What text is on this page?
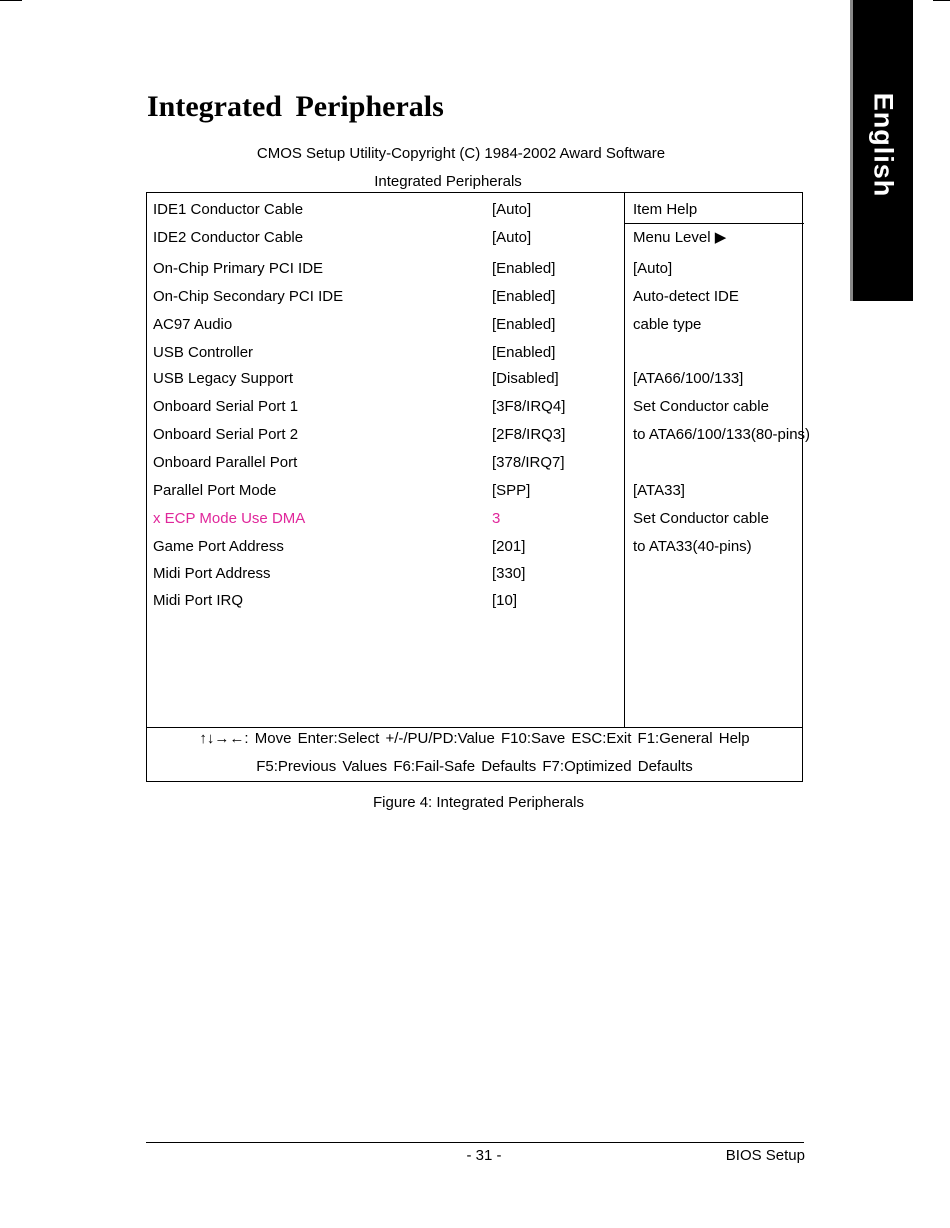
English
Integrated Peripherals
CMOS Setup Utility-Copyright (C) 1984-2002 Award Software
Integrated Peripherals
IDE1 Conductor Cable	[Auto]
IDE2 Conductor Cable	[Auto]
On-Chip Primary PCI IDE	[Enabled]
On-Chip Secondary PCI IDE	[Enabled]
AC97 Audio	[Enabled]
USB Controller	[Enabled]
USB Legacy Support	[Disabled]
Onboard Serial Port 1	[3F8/IRQ4]
Onboard Serial Port 2	[2F8/IRQ3]
Onboard Parallel Port	[378/IRQ7]
Parallel Port Mode	[SPP]
x ECP Mode Use DMA	3
Game Port Address	[201]
Midi Port Address	[330]
Midi Port IRQ	[10]
Item Help
Menu Level ▶
[Auto]
Auto-detect IDE
cable type
[ATA66/100/133]
Set Conductor cable
to ATA66/100/133(80-pins)
[ATA33]
Set Conductor cable
to ATA33(40-pins)
↑↓→←: Move Enter:Select +/-/PU/PD:Value F10:Save ESC:Exit F1:General Help
F5:Previous Values F6:Fail-Safe Defaults F7:Optimized Defaults
Figure 4: Integrated Peripherals
- 31 -	BIOS Setup
